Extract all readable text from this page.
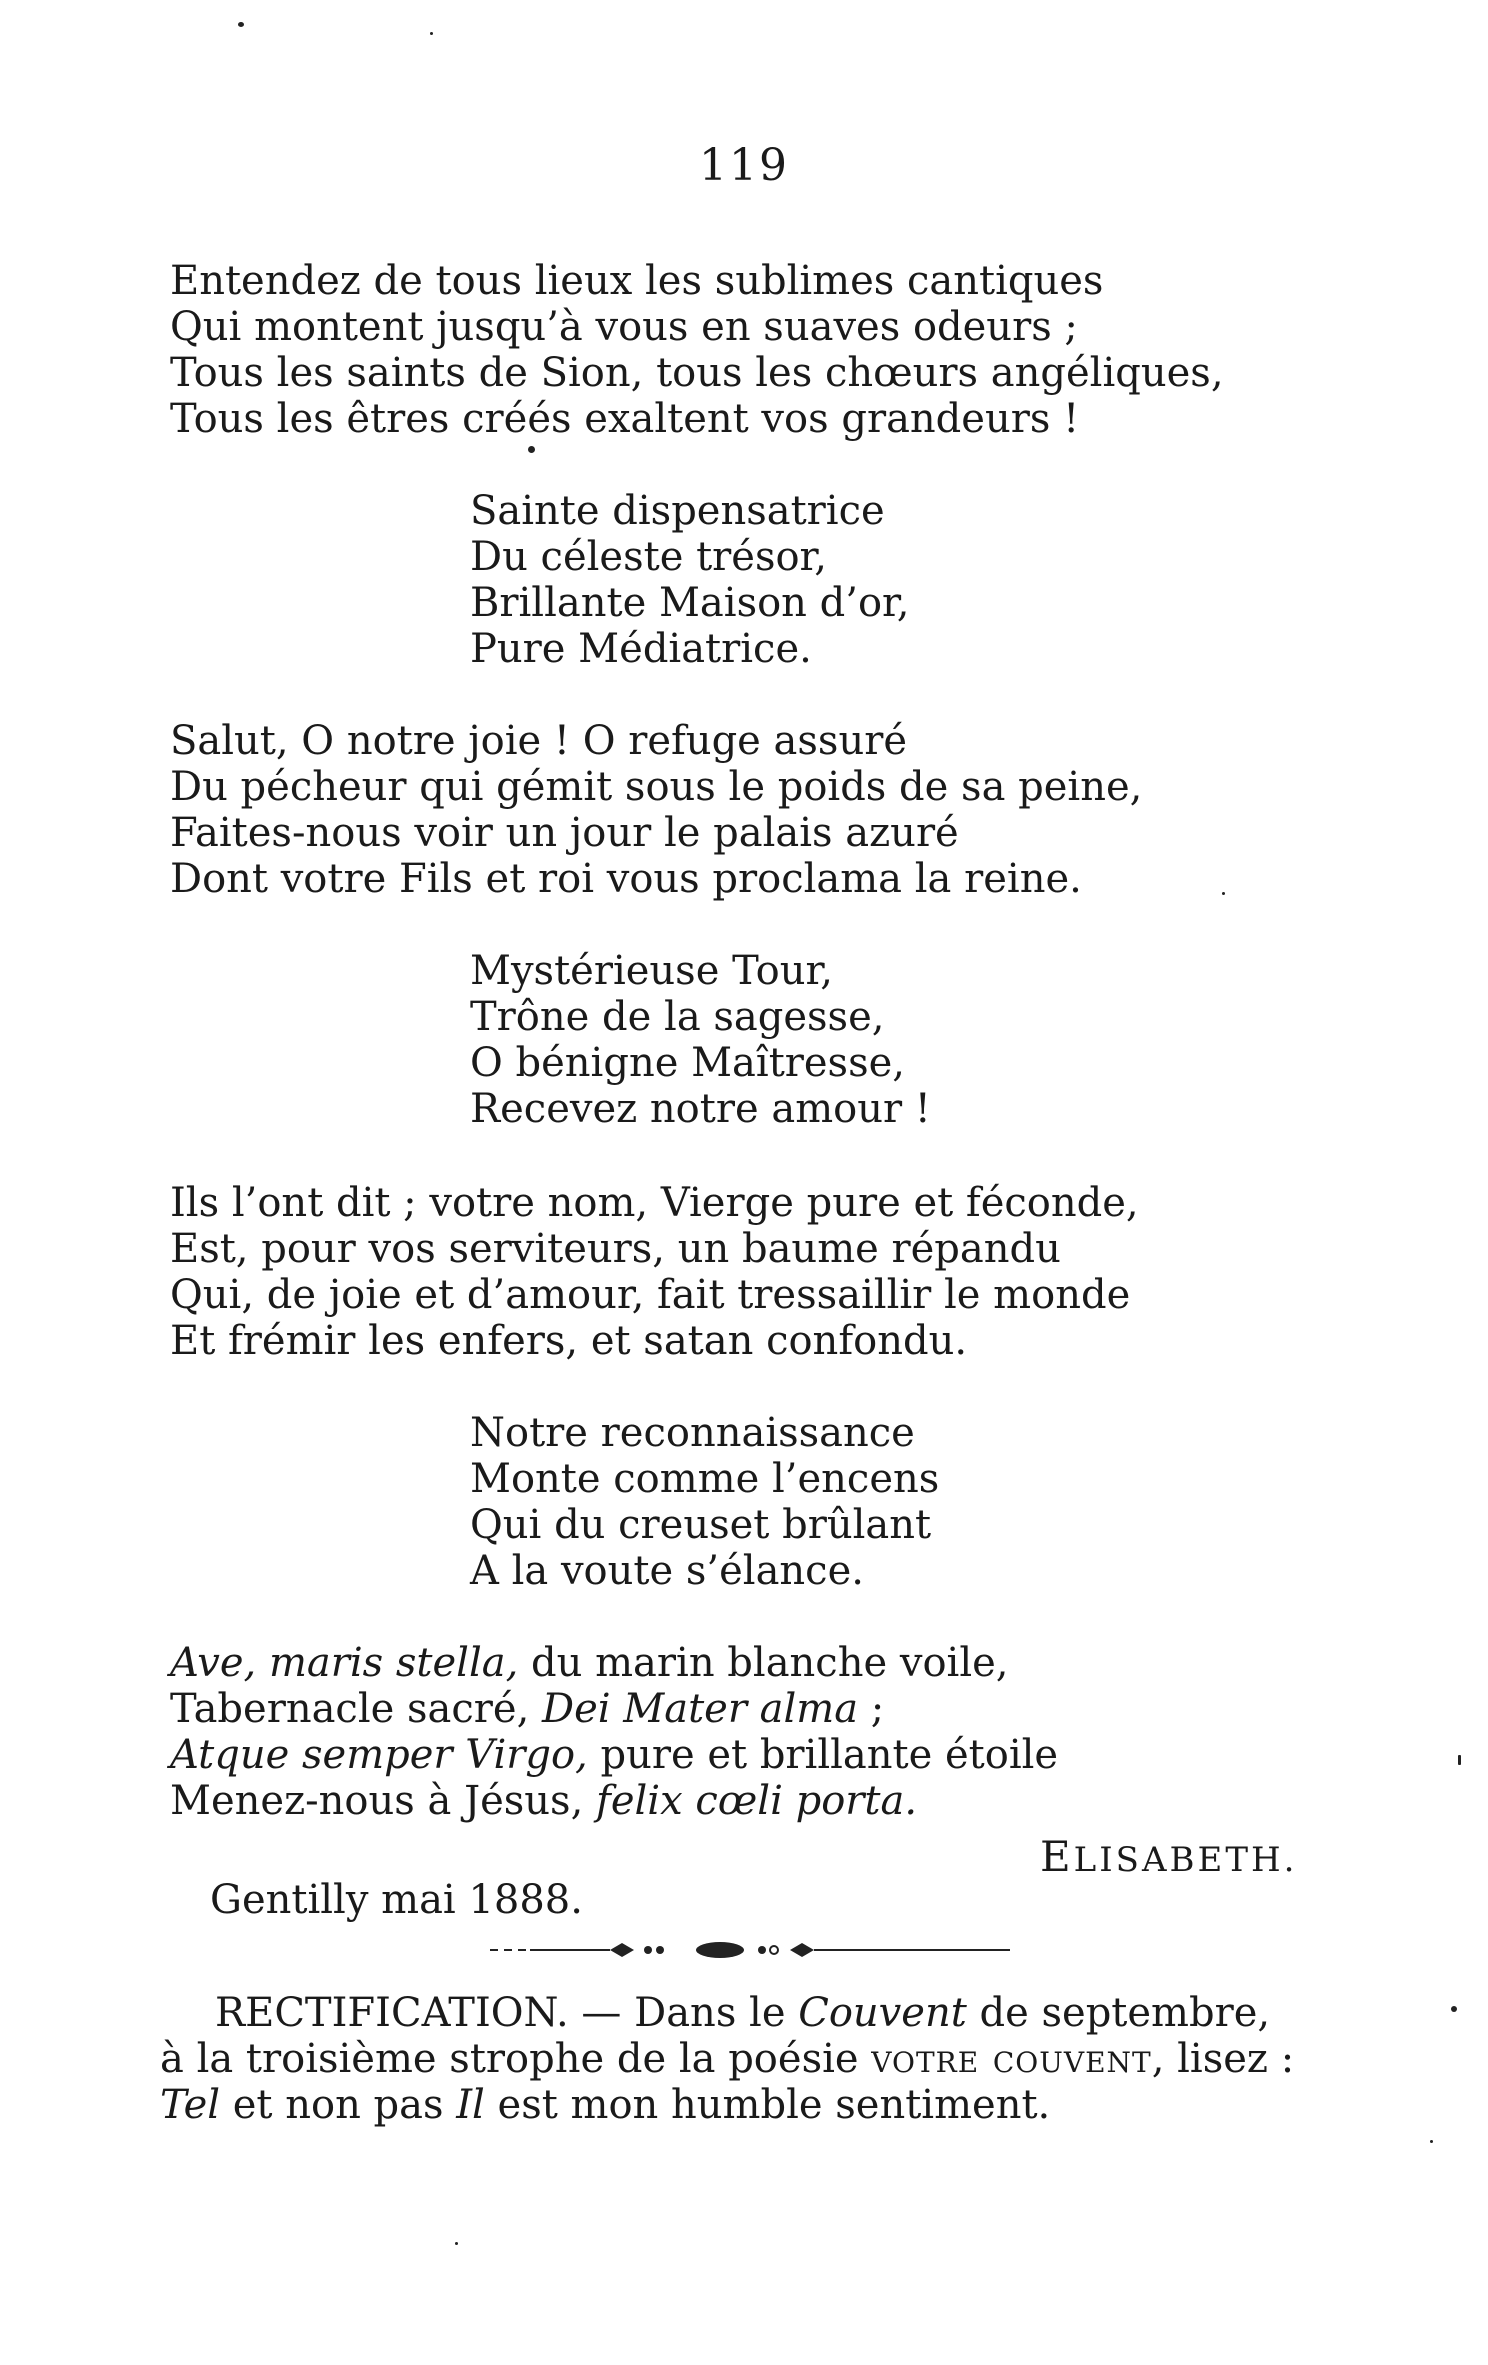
119
Entendez de tous lieux les sublimes cantiques
Qui montent jusqu’à vous en suaves odeurs ;
Tous les saints de Sion, tous les chœurs angéliques,
Tous les êtres créés exaltent vos grandeurs !
Sainte dispensatrice
Du céleste trésor,
Brillante Maison d’or,
Pure Médiatrice.
Salut, O notre joie ! O refuge assuré
Du pécheur qui gémit sous le poids de sa peine,
Faites-nous voir un jour le palais azuré
Dont votre Fils et roi vous proclama la reine.
Mystérieuse Tour,
Trône de la sagesse,
O bénigne Maîtresse,
Recevez notre amour !
Ils l’ont dit ; votre nom, Vierge pure et féconde,
Est, pour vos serviteurs, un baume répandu
Qui, de joie et d’amour, fait tressaillir le monde
Et frémir les enfers, et satan confondu.
Notre reconnaissance
Monte comme l’encens
Qui du creuset brûlant
A la voute s’élance.
Ave, maris stella, du marin blanche voile,
Tabernacle sacré, Dei Mater alma ;
Atque semper Virgo, pure et brillante étoile
Menez-nous à Jésus, felix cœli porta.
ELISABETH.
Gentilly mai 1888.
RECTIFICATION. — Dans le Couvent de septembre,
à la troisième strophe de la poésie votre couvent, lisez :
Tel et non pas Il est mon humble sentiment.
